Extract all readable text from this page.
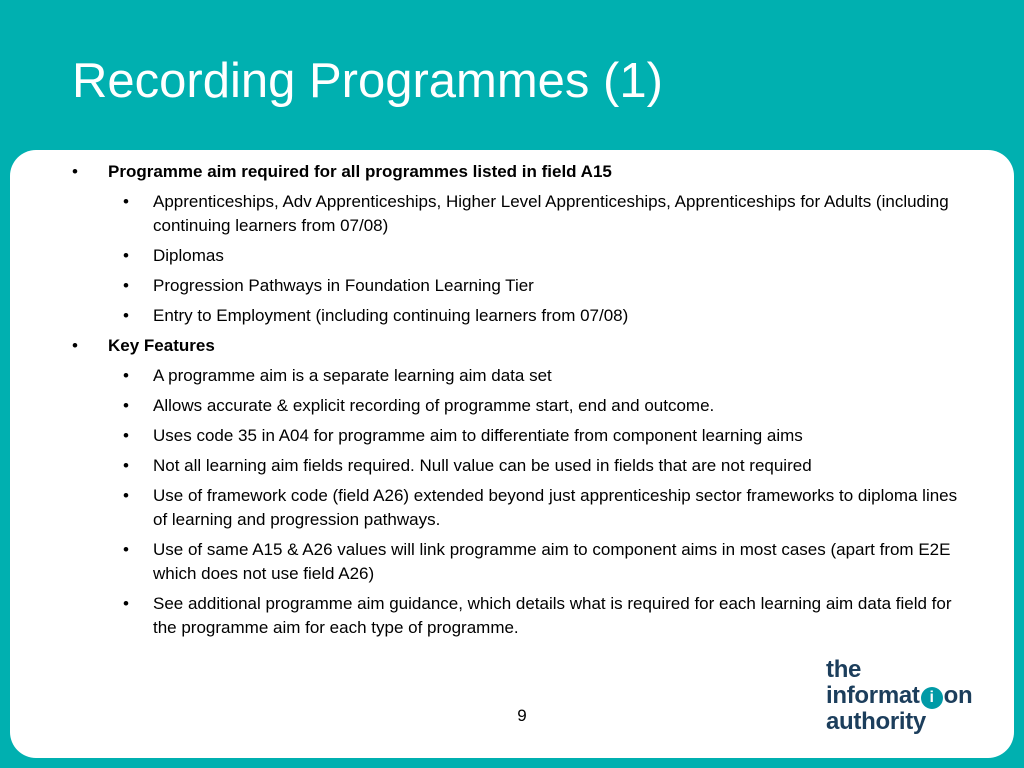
Recording Programmes (1)
• Programme aim required for all programmes listed in field A15
• Apprenticeships, Adv Apprenticeships, Higher Level Apprenticeships, Apprenticeships for Adults (including continuing learners from 07/08)
• Diplomas
• Progression Pathways in Foundation Learning Tier
• Entry to Employment (including continuing learners from 07/08)
• Key Features
• A programme aim is a separate learning aim data set
• Allows accurate & explicit recording of programme start, end and outcome.
• Uses code 35 in A04 for programme aim to differentiate from component learning aims
• Not all learning aim fields required. Null value can be used in fields that are not required
• Use of framework code (field A26) extended beyond just apprenticeship sector frameworks to diploma lines of learning and progression pathways.
• Use of same A15 & A26 values will link programme aim to component aims in most cases (apart from E2E which does not use field A26)
• See additional programme aim guidance, which details what is required for each learning aim data field for the programme aim for each type of programme.
9
the
informat i on
authority
